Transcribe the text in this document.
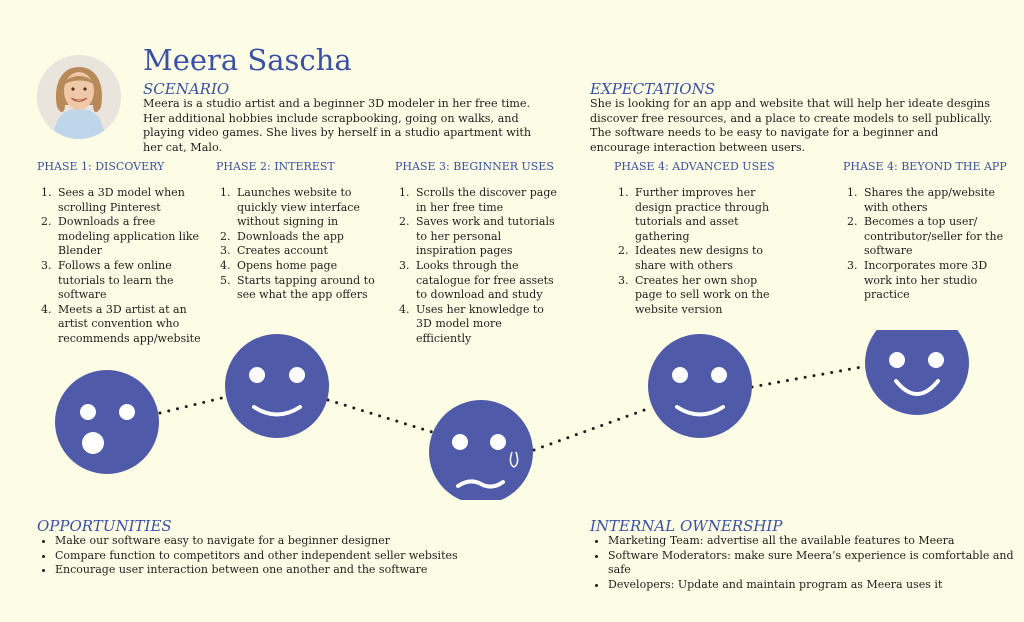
Meera Sascha
SCENARIO
Meera is a studio artist and a beginner 3D modeler in her free time. Her additional hobbies include scrapbooking, going on walks, and playing video games. She lives by herself in a studio apartment with her cat, Malo.
EXPECTATIONS
She is looking for an app and website that will help her ideate desgins discover free resources, and a place to create models to sell publically. The software needs to be easy to navigate for a beginner and encourage interaction between users.
PHASE 1: DISCOVERY
1. Sees a 3D model when scrolling Pinterest
2. Downloads a free modeling application like Blender
3. Follows a few online tutorials to learn the software
4. Meets a 3D artist at an artist convention who recommends app/website
PHASE 2: INTEREST
1. Launches website to quickly view interface without signing in
2. Downloads the app
3. Creates account
4. Opens home page
5. Starts tapping around to see what the app offers
PHASE 3: BEGINNER USES
1. Scrolls the discover page in her free time
2. Saves work and tutorials to her personal inspiration pages
3. Looks through the catalogue for free assets to download and study
4. Uses her knowledge to 3D model more efficiently
PHASE 4: ADVANCED USES
1. Further improves her design practice through tutorials and asset gathering
2. Ideates new designs to share with others
3. Creates her own shop page to sell work on the website version
PHASE 4: BEYOND THE APP
1. Shares the app/website with others
2. Becomes a top user/ contributor/seller for the software
3. Incorporates more 3D work into her studio practice
OPPORTUNITIES
• Make our software easy to navigate for a beginner designer
• Compare function to competitors and other independent seller websites
• Encourage user interaction between one another and the software
INTERNAL OWNERSHIP
• Marketing Team: advertise all the available features to Meera
• Software Moderators: make sure Meera’s experience is comfortable and safe
• Developers: Update and maintain program as Meera uses it
